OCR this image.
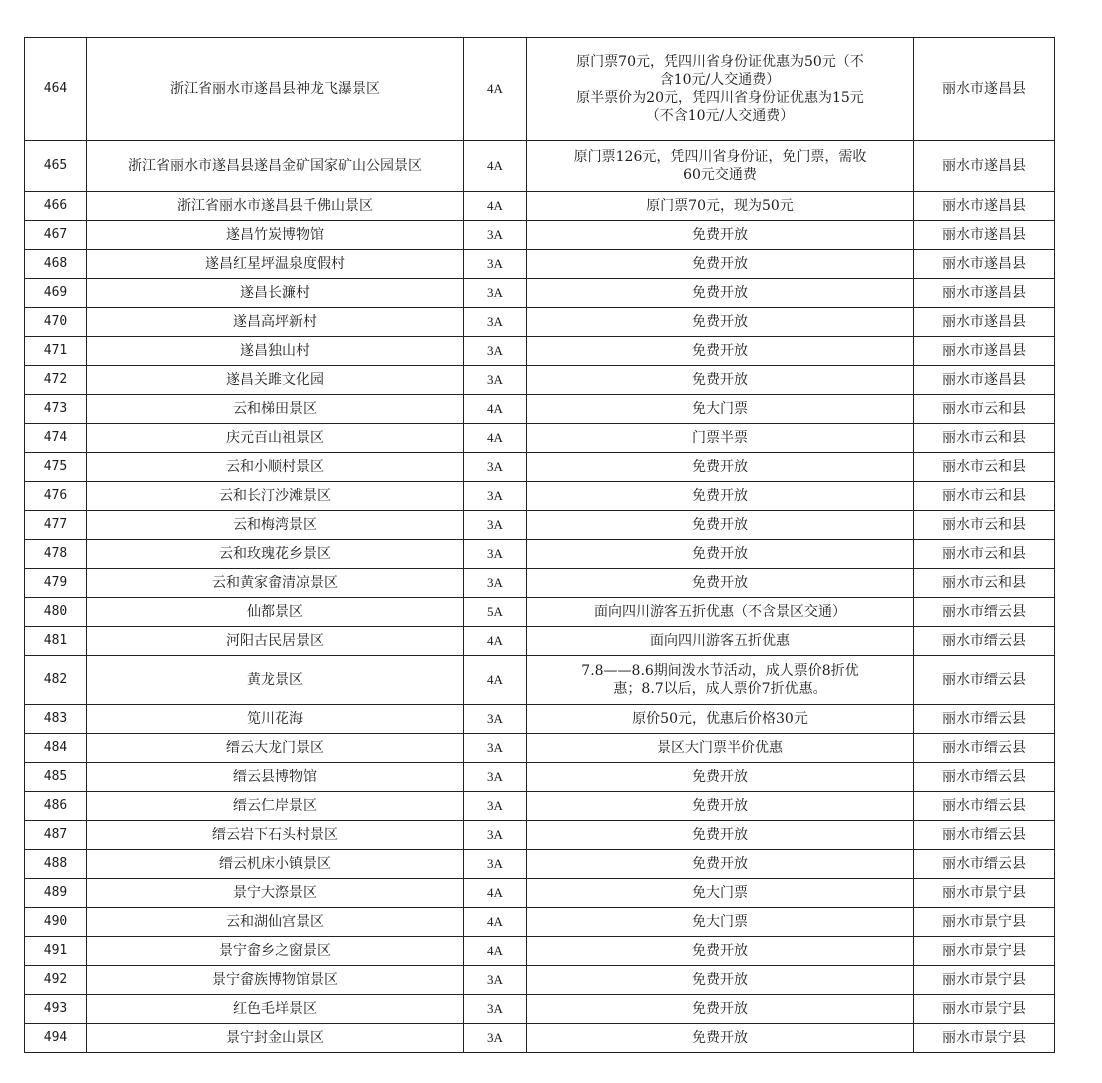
464	浙江省丽水市遂昌县神龙飞瀑景区	4A	原门票70元，凭四川省身份证优惠为50元（不
含10元/人交通费）
原半票价为20元，凭四川省身份证优惠为15元
（不含10元/人交通费）	丽水市遂昌县
465	浙江省丽水市遂昌县遂昌金矿国家矿山公园景区	4A	原门票126元，凭四川省身份证，免门票，需收
60元交通费	丽水市遂昌县
466	浙江省丽水市遂昌县千佛山景区	4A	原门票70元，现为50元	丽水市遂昌县
467	遂昌竹炭博物馆	3A	免费开放	丽水市遂昌县
468	遂昌红星坪温泉度假村	3A	免费开放	丽水市遂昌县
469	遂昌长濂村	3A	免费开放	丽水市遂昌县
470	遂昌高坪新村	3A	免费开放	丽水市遂昌县
471	遂昌独山村	3A	免费开放	丽水市遂昌县
472	遂昌关雎文化园	3A	免费开放	丽水市遂昌县
473	云和梯田景区	4A	免大门票	丽水市云和县
474	庆元百山祖景区	4A	门票半票	丽水市云和县
475	云和小顺村景区	3A	免费开放	丽水市云和县
476	云和长汀沙滩景区	3A	免费开放	丽水市云和县
477	云和梅湾景区	3A	免费开放	丽水市云和县
478	云和玫瑰花乡景区	3A	免费开放	丽水市云和县
479	云和黄家畲清凉景区	3A	免费开放	丽水市云和县
480	仙都景区	5A	面向四川游客五折优惠（不含景区交通）	丽水市缙云县
481	河阳古民居景区	4A	面向四川游客五折优惠	丽水市缙云县
482	黄龙景区	4A	7.8——8.6期间泼水节活动，成人票价8折优
惠；8.7以后，成人票价7折优惠。	丽水市缙云县
483	笕川花海	3A	原价50元，优惠后价格30元	丽水市缙云县
484	缙云大龙门景区	3A	景区大门票半价优惠	丽水市缙云县
485	缙云县博物馆	3A	免费开放	丽水市缙云县
486	缙云仁岸景区	3A	免费开放	丽水市缙云县
487	缙云岩下石头村景区	3A	免费开放	丽水市缙云县
488	缙云机床小镇景区	3A	免费开放	丽水市缙云县
489	景宁大漈景区	4A	免大门票	丽水市景宁县
490	云和湖仙宫景区	4A	免大门票	丽水市景宁县
491	景宁畲乡之窗景区	4A	免费开放	丽水市景宁县
492	景宁畲族博物馆景区	3A	免费开放	丽水市景宁县
493	红色毛垟景区	3A	免费开放	丽水市景宁县
494	景宁封金山景区	3A	免费开放	丽水市景宁县
